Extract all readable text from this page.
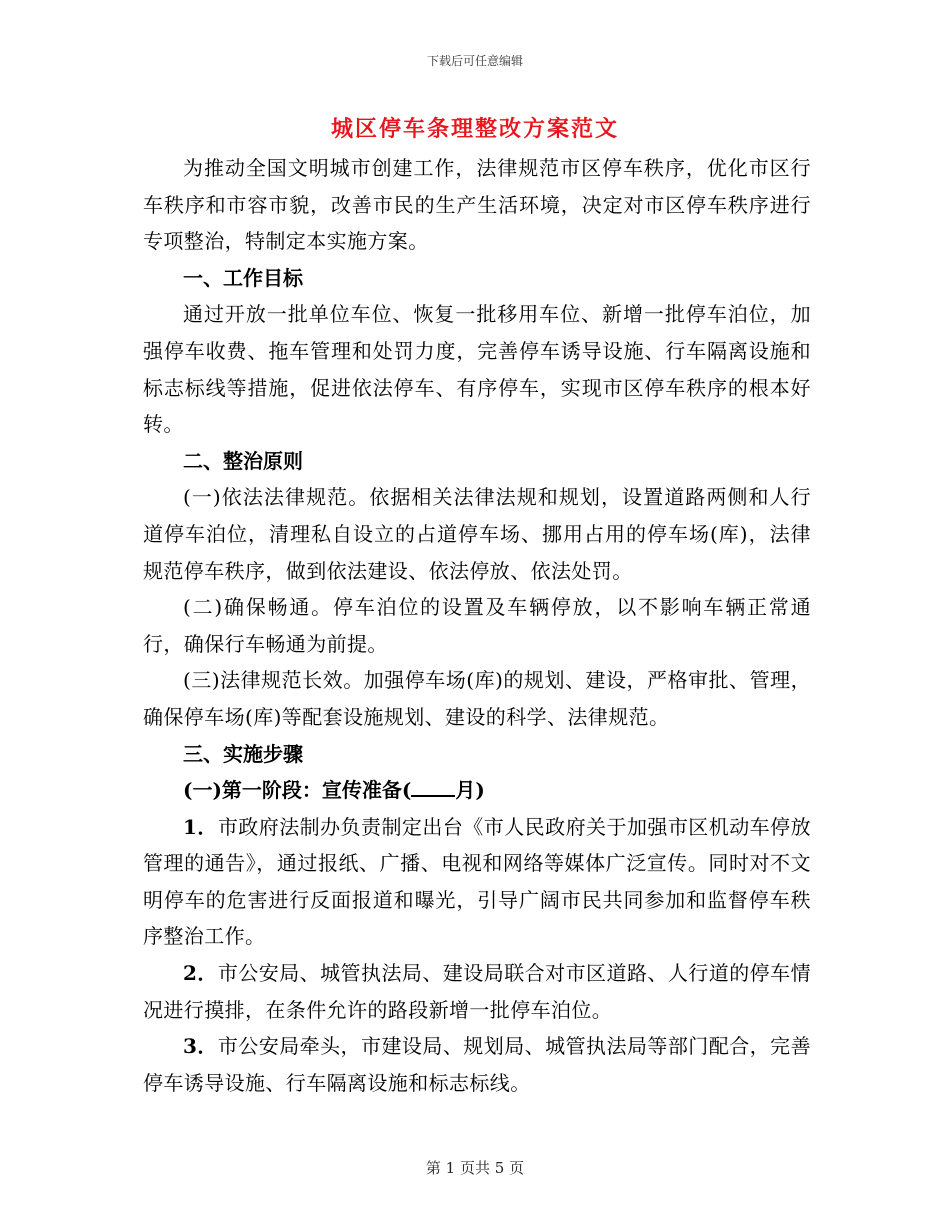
下载后可任意编辑
城区停车条理整改方案范文

为推动全国文明城市创建工作，法律规范市区停车秩序，优化市区行车秩序和市容市貌，改善市民的生产生活环境，决定对市区停车秩序进行专项整治，特制定本实施方案。

一、工作目标

通过开放一批单位车位、恢复一批移用车位、新增一批停车泊位，加强停车收费、拖车管理和处罚力度，完善停车诱导设施、行车隔离设施和标志标线等措施，促进依法停车、有序停车，实现市区停车秩序的根本好转。

二、整治原则

(一)依法法律规范。依据相关法律法规和规划，设置道路两侧和人行道停车泊位，清理私自设立的占道停车场、挪用占用的停车场(库)，法律规范停车秩序，做到依法建设、依法停放、依法处罚。

(二)确保畅通。停车泊位的设置及车辆停放，以不影响车辆正常通行，确保行车畅通为前提。

(三)法律规范长效。加强停车场(库)的规划、建设，严格审批、管理，确保停车场(库)等配套设施规划、建设的科学、法律规范。

三、实施步骤

(一)第一阶段：宣传准备( 月)

1．市政府法制办负责制定出台《市人民政府关于加强市区机动车停放管理的通告》，通过报纸、广播、电视和网络等媒体广泛宣传。同时对不文明停车的危害进行反面报道和曝光，引导广阔市民共同参加和监督停车秩序整治工作。

2．市公安局、城管执法局、建设局联合对市区道路、人行道的停车情况进行摸排，在条件允许的路段新增一批停车泊位。

3．市公安局牵头，市建设局、规划局、城管执法局等部门配合，完善停车诱导设施、行车隔离设施和标志标线。

第 1 页共 5 页
